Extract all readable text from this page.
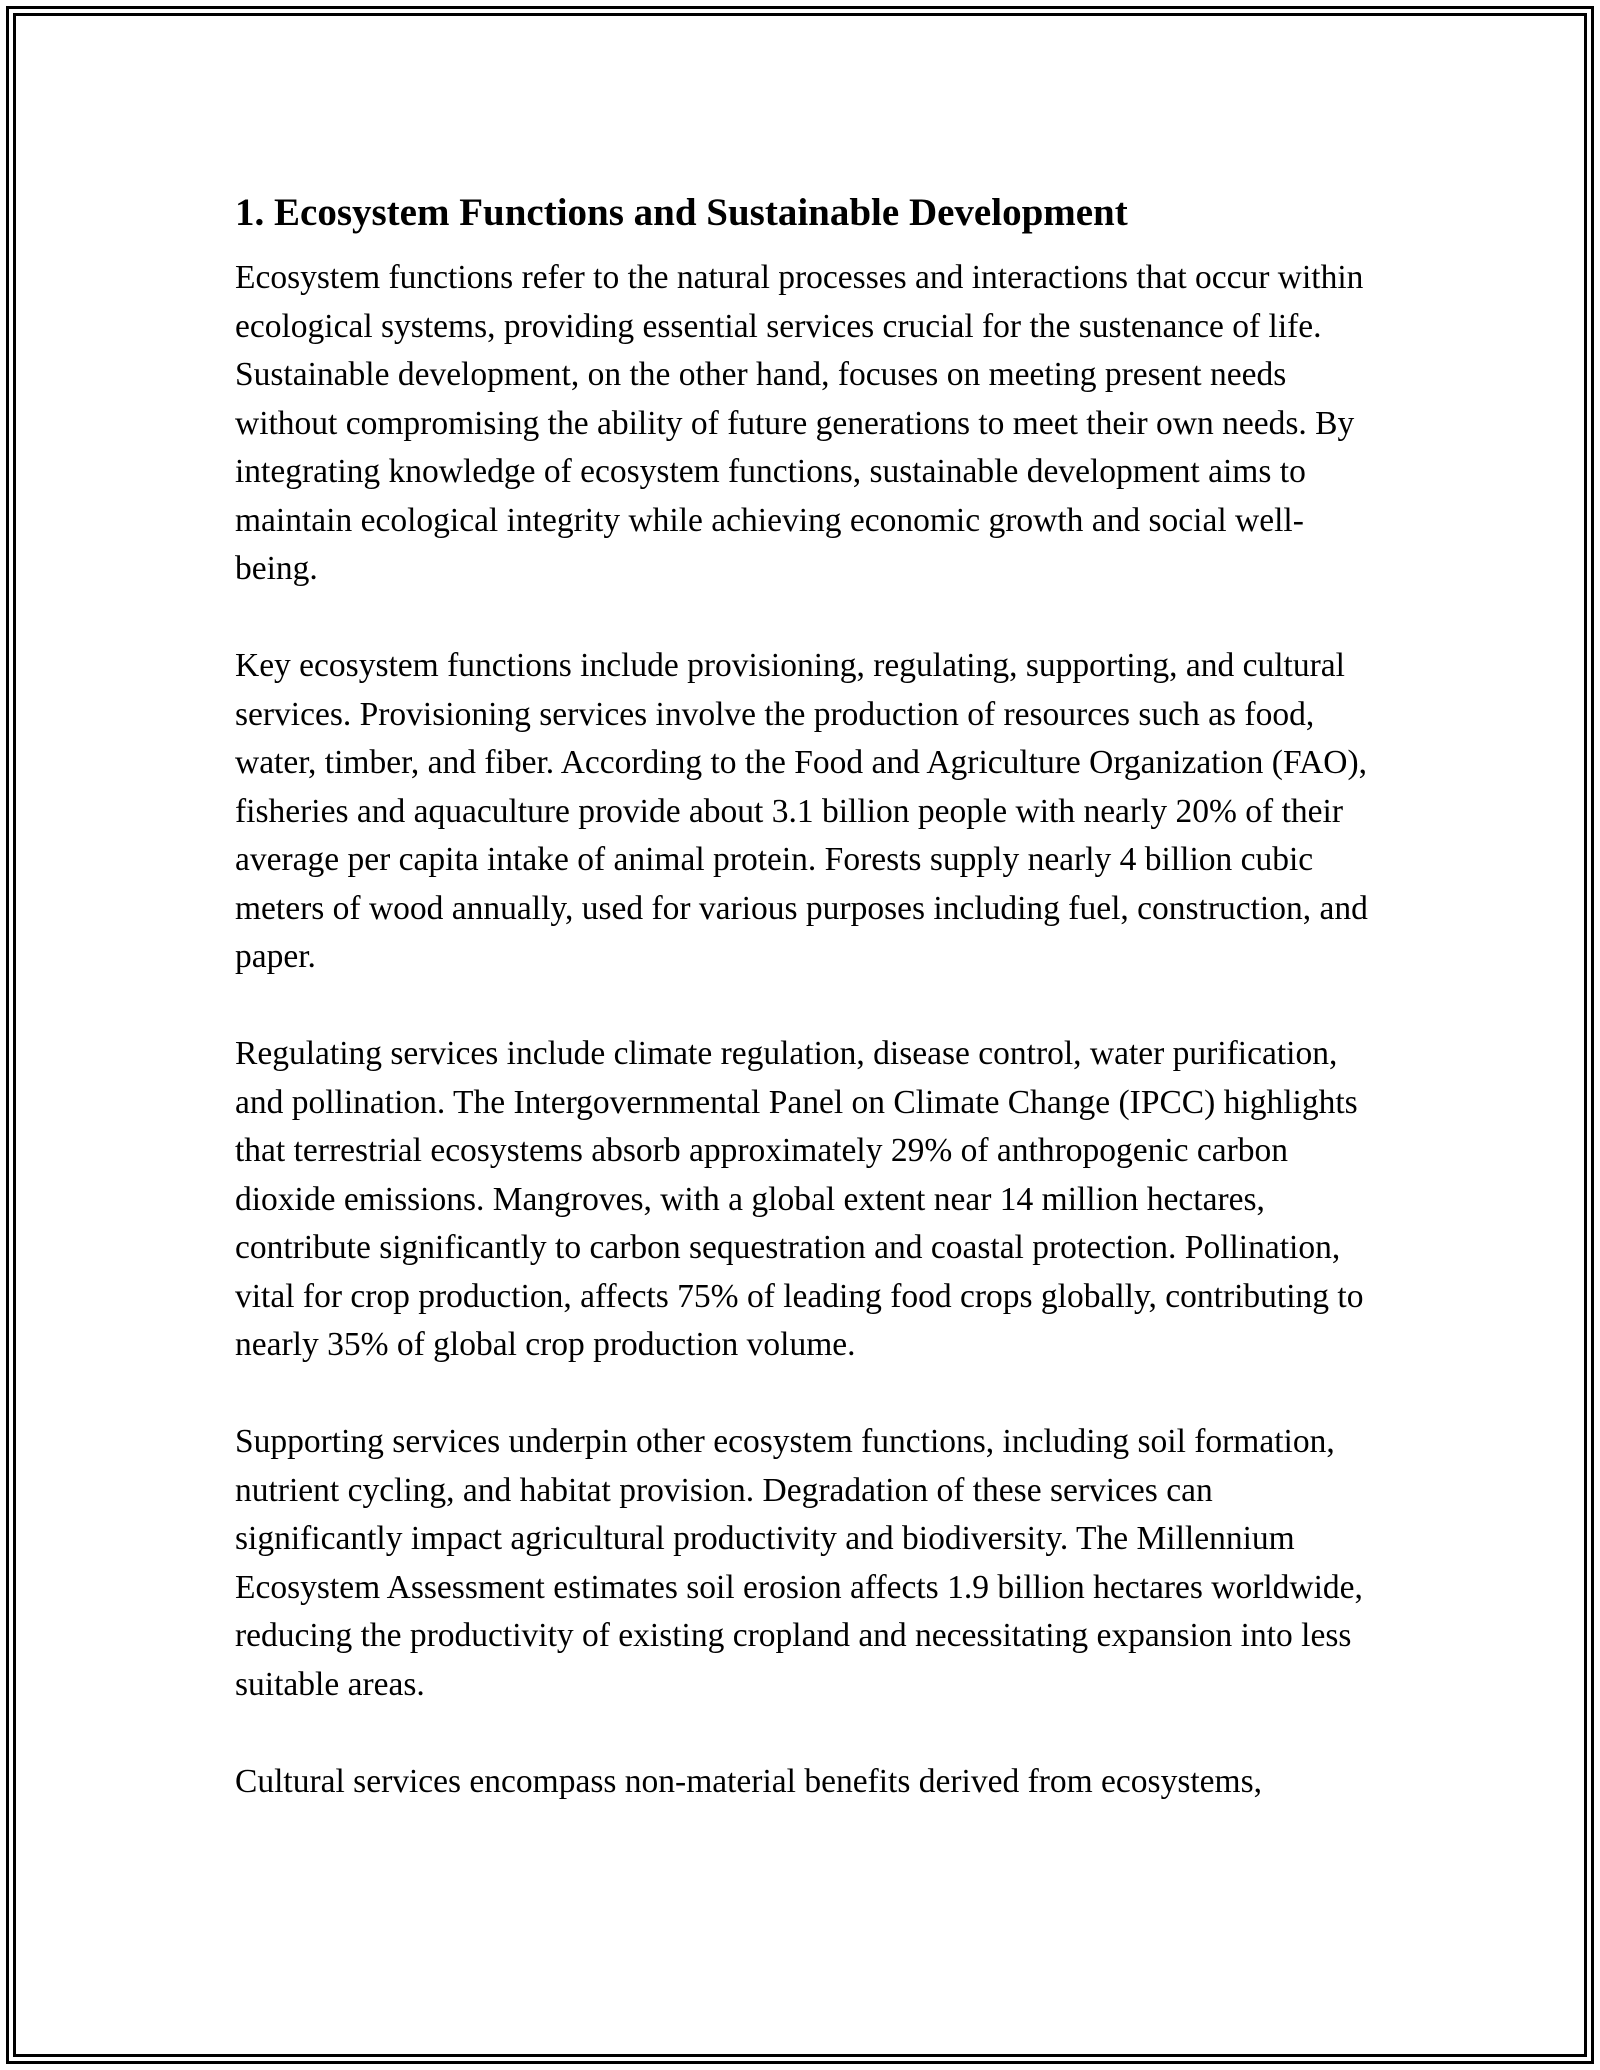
1. Ecosystem Functions and Sustainable Development

Ecosystem functions refer to the natural processes and interactions that occur within ecological systems, providing essential services crucial for the sustenance of life. Sustainable development, on the other hand, focuses on meeting present needs without compromising the ability of future generations to meet their own needs. By integrating knowledge of ecosystem functions, sustainable development aims to maintain ecological integrity while achieving economic growth and social well-being.

Key ecosystem functions include provisioning, regulating, supporting, and cultural services. Provisioning services involve the production of resources such as food, water, timber, and fiber. According to the Food and Agriculture Organization (FAO), fisheries and aquaculture provide about 3.1 billion people with nearly 20% of their average per capita intake of animal protein. Forests supply nearly 4 billion cubic meters of wood annually, used for various purposes including fuel, construction, and paper.

Regulating services include climate regulation, disease control, water purification, and pollination. The Intergovernmental Panel on Climate Change (IPCC) highlights that terrestrial ecosystems absorb approximately 29% of anthropogenic carbon dioxide emissions. Mangroves, with a global extent near 14 million hectares, contribute significantly to carbon sequestration and coastal protection. Pollination, vital for crop production, affects 75% of leading food crops globally, contributing to nearly 35% of global crop production volume.

Supporting services underpin other ecosystem functions, including soil formation, nutrient cycling, and habitat provision. Degradation of these services can significantly impact agricultural productivity and biodiversity. The Millennium Ecosystem Assessment estimates soil erosion affects 1.9 billion hectares worldwide, reducing the productivity of existing cropland and necessitating expansion into less suitable areas.

Cultural services encompass non-material benefits derived from ecosystems,
